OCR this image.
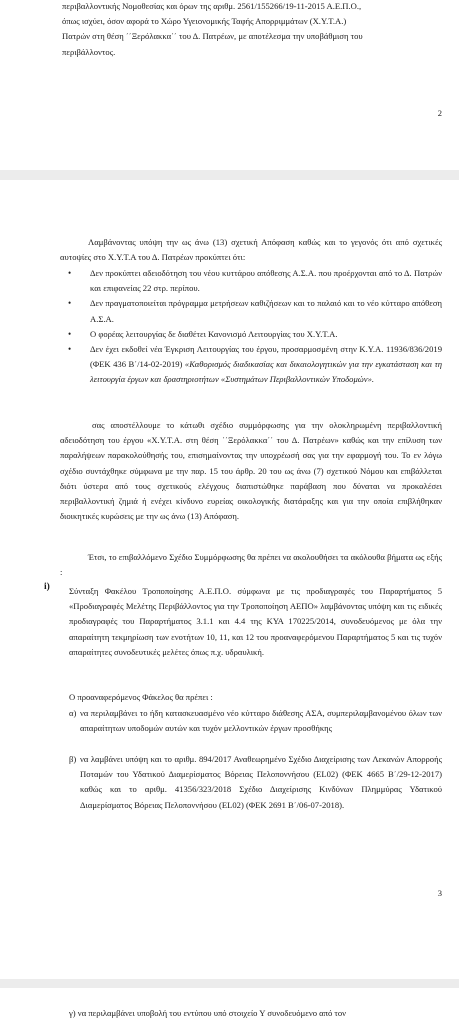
περιβαλλοντικής Νομοθεσίας και όρων της αριθμ. 2561/155266/19-11-2015 Α.Ε.Π.Ο.,
όπως ισχύει, όσον αφορά το Χώρο Υγειονομικής Ταφής Απορριμμάτων (Χ.Υ.Τ.Α.)
Πατρών στη θέση ΄΄Ξερόλακκα΄΄ του Δ. Πατρέων, με αποτέλεσμα την υποβάθμιση του
περιβάλλοντος.
2
Λαμβάνοντας υπόψη την ως άνω (13) σχετική Απόφαση καθώς και το γεγονός ότι από σχετικές αυτοψίες στο Χ.Υ.Τ.Α του Δ. Πατρέων προκύπτει ότι:
• Δεν προκύπτει αδειοδότηση του νέου κυττάρου απόθεσης Α.Σ.Α. που προέρχονται από το Δ. Πατρών και επιφανείας 22 στρ. περίπου.
• Δεν πραγματοποιείται πρόγραμμα μετρήσεων καθιζήσεων και το παλαιό και το νέο κύτταρο απόθεση Α.Σ.Α.
• Ο φορέας λειτουργίας δε διαθέτει Κανονισμό Λειτουργίας του Χ.Υ.Τ.Α.
• Δεν έχει εκδοθεί νέα Έγκριση Λειτουργίας του έργου, προσαρμοσμένη στην Κ.Υ.Α. 11936/836/2019 (ΦΕΚ 436 Β΄/14-02-2019) «Καθορισμός διαδικασίας και δικαιολογητικών για την εγκατάσταση και τη λειτουργία έργων και δραστηριοτήτων «Συστημάτων Περιβαλλοντικών Υποδομών».
σας αποστέλλουμε το κάτωθι σχέδιο συμμόρφωσης για την ολοκληρωμένη περιβαλλοντική αδειοδότηση του έργου «Χ.Υ.Τ.Α. στη θέση ΄΄Ξερόλακκα΄΄ του Δ. Πατρέων» καθώς και την επίλυση των παραλήψεων παρακολούθησής του, επισημαίνοντας την υποχρέωσή σας για την εφαρμογή του. Το εν λόγω σχέδιο συντάχθηκε σύμφωνα με την παρ. 15 του άρθρ. 20 του ως άνω (7) σχετικού Νόμου και επιβάλλεται διότι ύστερα από τους σχετικούς ελέγχους διαπιστώθηκε παράβαση που δύναται να προκαλέσει περιβαλλοντική ζημιά ή ενέχει κίνδυνο ευρείας οικολογικής διατάραξης και για την οποία επιβλήθηκαν διοικητικές κυρώσεις με την ως άνω (13) Απόφαση.
Έτσι, το επιβαλλόμενο Σχέδιο Συμμόρφωσης θα πρέπει να ακολουθήσει τα ακόλουθα βήματα ως εξής :
i) Σύνταξη Φακέλου Τροποποίησης Α.Ε.Π.Ο. σύμφωνα με τις προδιαγραφές του Παραρτήματος 5 «Προδιαγραφές Μελέτης Περιβάλλοντος για την Τροποποίηση ΑΕΠΟ» λαμβάνοντας υπόψη και τις ειδικές προδιαγραφές του Παραρτήματος 3.1.1 και 4.4 της ΚΥΑ 170225/2014, συνοδευόμενος με όλα την απαραίτητη τεκμηρίωση των ενοτήτων 10, 11, και 12 του προαναφερόμενου Παραρτήματος 5 και τις τυχόν απαραίτητες συνοδευτικές μελέτες όπως π.χ. υδραυλική.
Ο προαναφερόμενος Φάκελος θα πρέπει :
α) να περιλαμβάνει το ήδη κατασκευασμένο νέο κύτταρο διάθεσης ΑΣΑ, συμπεριλαμβανομένου όλων των απαραίτητων υποδομών αυτών και τυχόν μελλοντικών έργων προσθήκης
β) να λαμβάνει υπόψη και το αριθμ. 894/2017 Αναθεωρημένο Σχέδιο Διαχείρισης των Λεκανών Απορροής Ποταμών του Υδατικού Διαμερίσματος Βόρειας Πελοποννήσου (EL02) (ΦΕΚ 4665 Β΄/29-12-2017) καθώς και το αριθμ. 41356/323/2018 Σχέδιο Διαχείρισης Κινδύνων Πλημμύρας Υδατικού Διαμερίσματος Βόρειας Πελοποννήσου (EL02) (ΦΕΚ 2691 Β΄/06-07-2018).
3
γ) να περιλαμβάνει υποβολή του εντύπου υπό στοιχείο Υ συνοδευόμενο από τον
